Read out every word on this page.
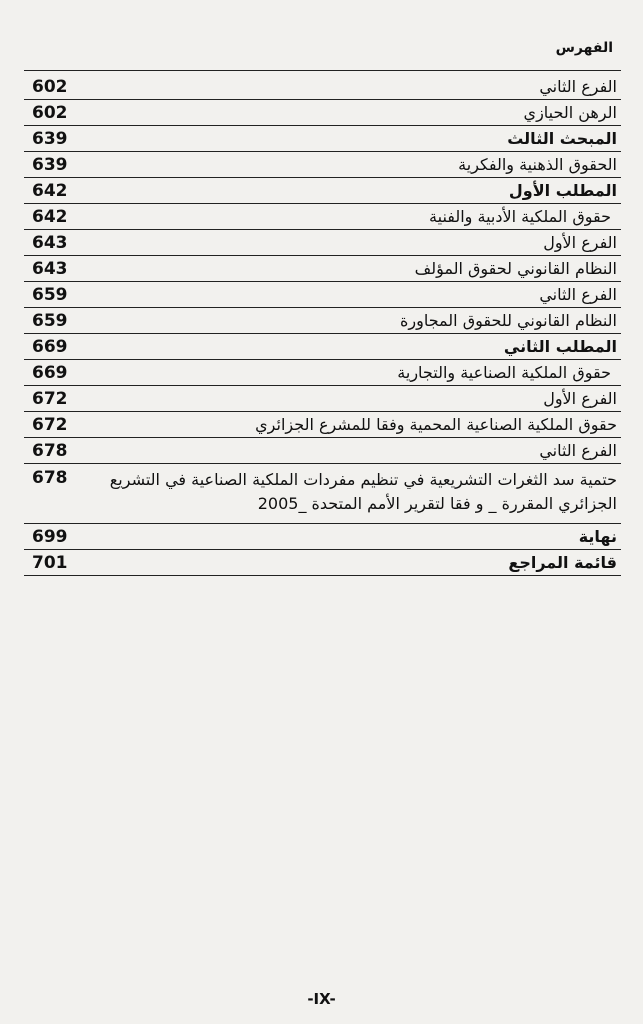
الفهرس
602	الفرع الثاني
602	الرهن الحيازي
639	المبحث الثالث
639	الحقوق الذهنية والفكرية
642	المطلب الأول
642	حقوق الملكية الأدبية والفنية
643	الفرع الأول
643	النظام القانوني لحقوق المؤلف
659	الفرع الثاني
659	النظام القانوني للحقوق المجاورة
669	المطلب الثاني
669	حقوق الملكية الصناعية والتجارية
672	الفرع الأول
672	حقوق الملكية الصناعية المحمية وفقا للمشرع الجزائري
678	الفرع الثاني
678	حتمية سد الثغرات التشريعية في تنظيم مفردات الملكية الصناعية في التشريع الجزائري المقررة _ و فقا لتقرير الأمم المتحدة _2005
699	نهاية
701	قائمة المراجع
-IX-
